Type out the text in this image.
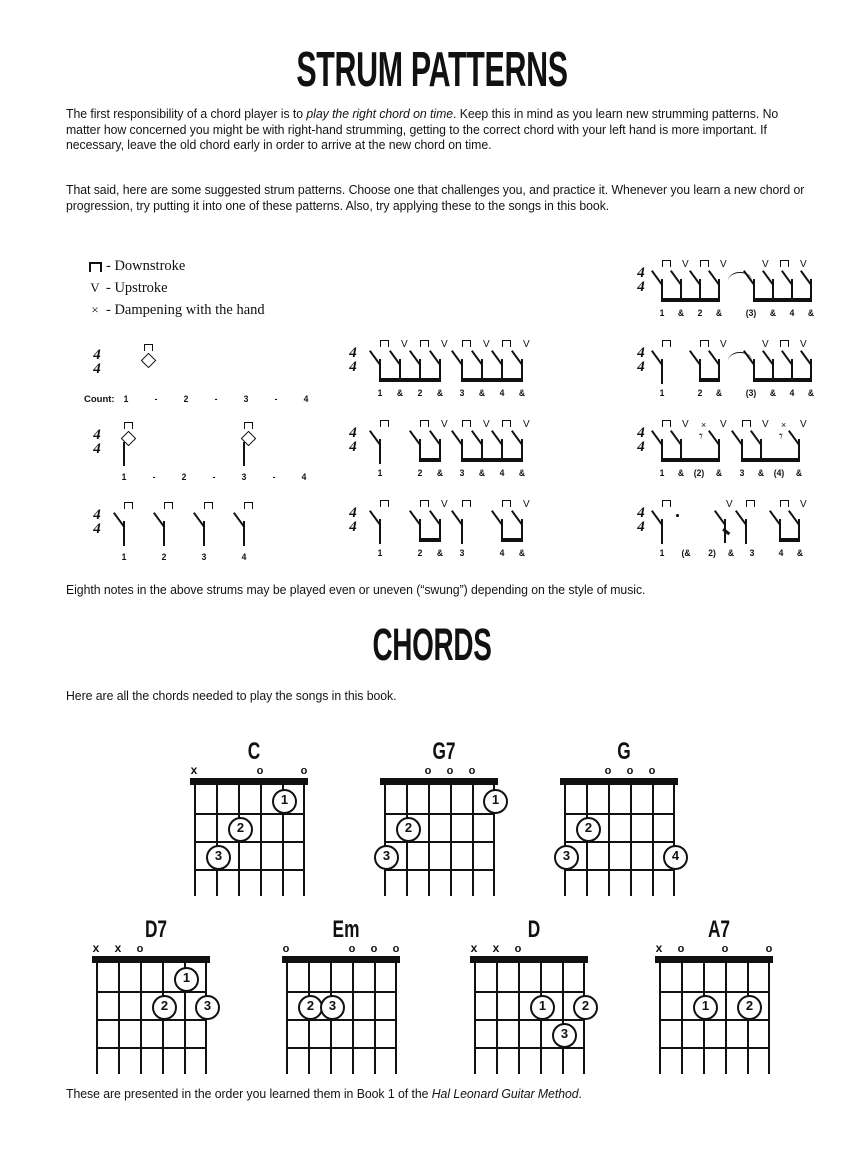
STRUM PATTERNS
The first responsibility of a chord player is to play the right chord on time. Keep this in mind as you learn new strumming patterns. No matter how concerned you might be with right-hand strumming, getting to the correct chord with your left hand is more important. If necessary, leave the old chord early in order to arrive at the new chord on time.
That said, here are some suggested strum patterns. Choose one that challenges you, and practice it. Whenever you learn a new chord or progression, try putting it into one of these patterns. Also, try applying these to the songs in this book.
- Downstroke
V - Upstroke
× - Dampening with the hand
4
4
Count: 1	-	2	-	3	-	4
4
4
1	-	2	-	3	-	4
4
4
1	2	3	4
4
4
V	V	V	V
1	&	2	&	3	&	4	&
4
4
V	V	V
1	2	&	3	&	4	&
4
4
V	V
1	2	&	3	4	&
4
4
V	V	V	V
1	&	2	&	(3)	&	4	&
4
4
V	V	V
1	2	&	(3)	&	4	&
4
4
V × V
𝄾
V × V
𝄾
1	&	(2)	&	3	&	(4)	&
4
4
V	V
1	(&	2)	&	3	4	&
Eighth notes in the above strums may be played even or uneven (“swung”) depending on the style of music.
CHORDS
Here are all the chords needed to play the songs in this book.
C
x	o	o
1
2
3
G7
o o o
1
2
3
G
o o o
2
3	4
D7
x x o
1
2	3
Em
o	o o o
2	3
D
x x o
1	2
3
A7
x o	o	o
1	2
These are presented in the order you learned them in Book 1 of the Hal Leonard Guitar Method.
